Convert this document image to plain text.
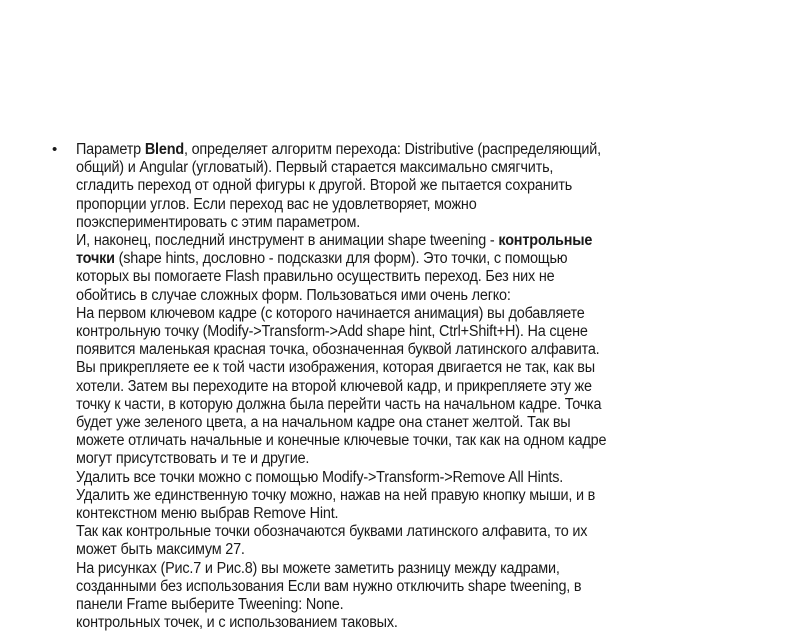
•	Параметр Blend, определяет алгоритм перехода: Distributive (распределяющий,
общий) и Angular (угловатый). Первый старается максимально смягчить,
сгладить переход от одной фигуры к другой. Второй же пытается сохранить
пропорции углов. Если переход вас не удовлетворяет, можно
поэкспериментировать с этим параметром.
И, наконец, последний инструмент в анимации shape tweening - контрольные
точки (shape hints, дословно - подсказки для форм). Это точки, с помощью
которых вы помогаете Flash правильно осуществить переход. Без них не
обойтись в случае сложных форм. Пользоваться ими очень легко:
На первом ключевом кадре (с которого начинается анимация) вы добавляете
контрольную точку (Modify->Transform->Add shape hint, Ctrl+Shift+H). На сцене
появится маленькая красная точка, обозначенная буквой латинского алфавита.
Вы прикрепляете ее к той части изображения, которая двигается не так, как вы
хотели. Затем вы переходите на второй ключевой кадр, и прикрепляете эту же
точку к части, в которую должна была перейти часть на начальном кадре. Точка
будет уже зеленого цвета, а на начальном кадре она станет желтой. Так вы
можете отличать начальные и конечные ключевые точки, так как на одном кадре
могут присутствовать и те и другие.
Удалить все точки можно с помощью Modify->Transform->Remove All Hints.
Удалить же единственную точку можно, нажав на ней правую кнопку мыши, и в
контекстном меню выбрав Remove Hint.
Так как контрольные точки обозначаются буквами латинского алфавита, то их
может быть максимум 27.
На рисунках (Рис.7 и Рис.8) вы можете заметить разницу между кадрами,
созданными без использования Если вам нужно отключить shape tweening, в
панели Frame выберите Tweening: None.
контрольных точек, и с использованием таковых.
